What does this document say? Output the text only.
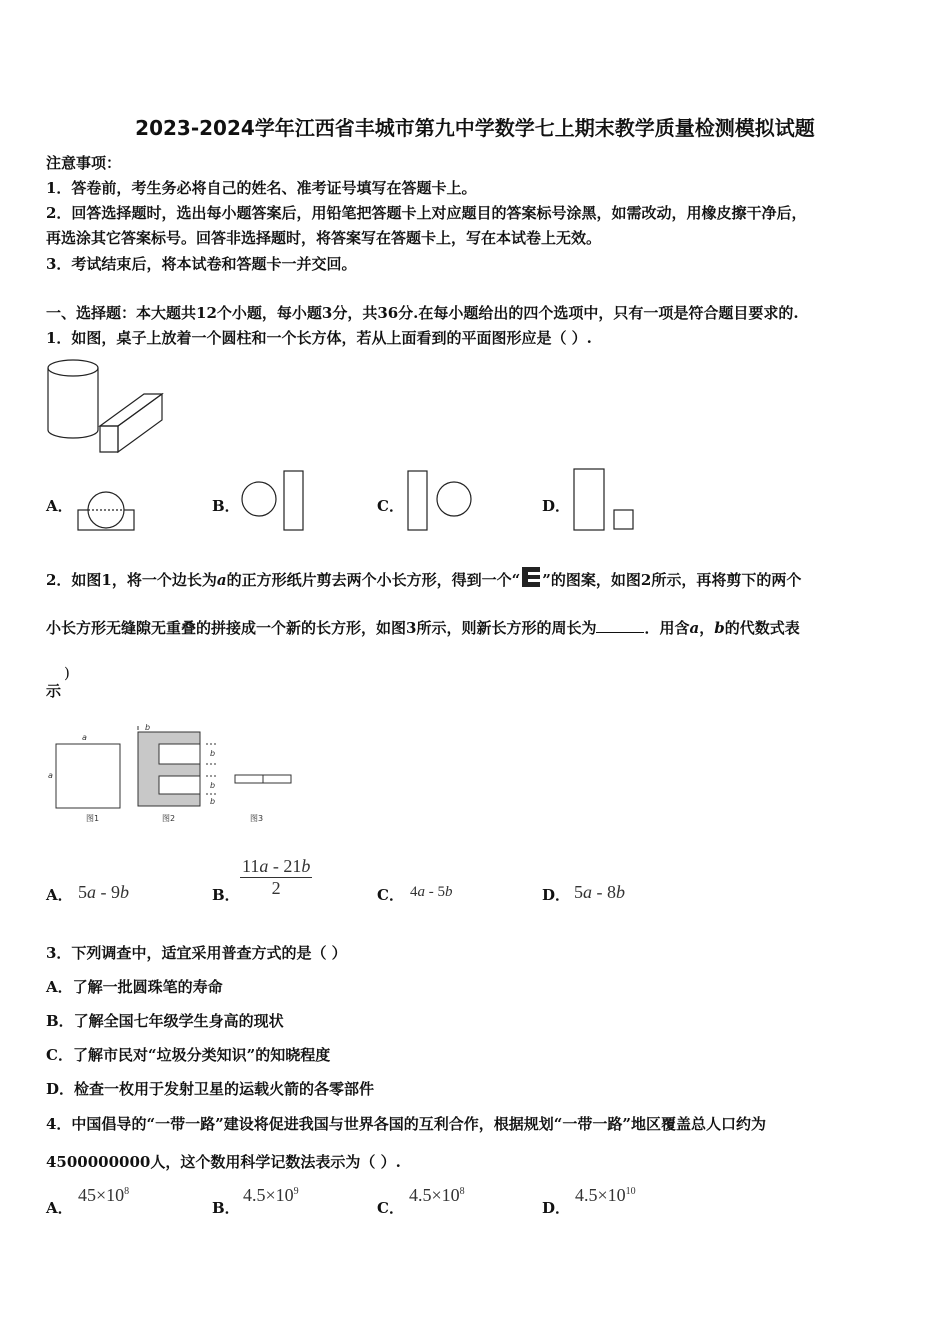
2023-2024学年江西省丰城市第九中学数学七上期末教学质量检测模拟试题
注意事项：
1．答卷前，考生务必将自己的姓名、准考证号填写在答题卡上。
2．回答选择题时，选出每小题答案后，用铅笔把答题卡上对应题目的答案标号涂黑，如需改动，用橡皮擦干净后，
再选涂其它答案标号。回答非选择题时，将答案写在答题卡上，写在本试卷上无效。
3．考试结束后，将本试卷和答题卡一并交回。
一、选择题：本大题共12个小题，每小题3分，共36分.在每小题给出的四个选项中，只有一项是符合题目要求的.
1．如图，桌子上放着一个圆柱和一个长方体，若从上面看到的平面图形应是（ ）.
A．	B．	C．	D．
2．如图1，将一个边长为a的正方形纸片剪去两个小长方形，得到一个“ ”的图案，如图2所示，再将剪下的两个
小长方形无缝隙无重叠的拼接成一个新的长方形，如图3所示，则新长方形的周长为	．用含a，b的代数式表
示
)
a
a
b
b
b
b
图1	图2	图3
A． 5a - 9b	B． $\frac{11a - 21b}{2}$	C． 4a - 5b	D． 5a - 8b
3．下列调查中，适宜采用普查方式的是（ ）
A．了解一批圆珠笔的寿命
B．了解全国七年级学生身高的现状
C．了解市民对“垃圾分类知识”的知晓程度
D．检查一枚用于发射卫星的运载火箭的各零部件
4．中国倡导的“一带一路”建设将促进我国与世界各国的互利合作，根据规划“一带一路”地区覆盖总人口约为
4500000000人，这个数用科学记数法表示为（ ）.
A．
$45\times 10^8$
B．
$4.5\times 10^9$
C．
$4.5\times 10^8$
D．
$4.5\times 10^{10}$
